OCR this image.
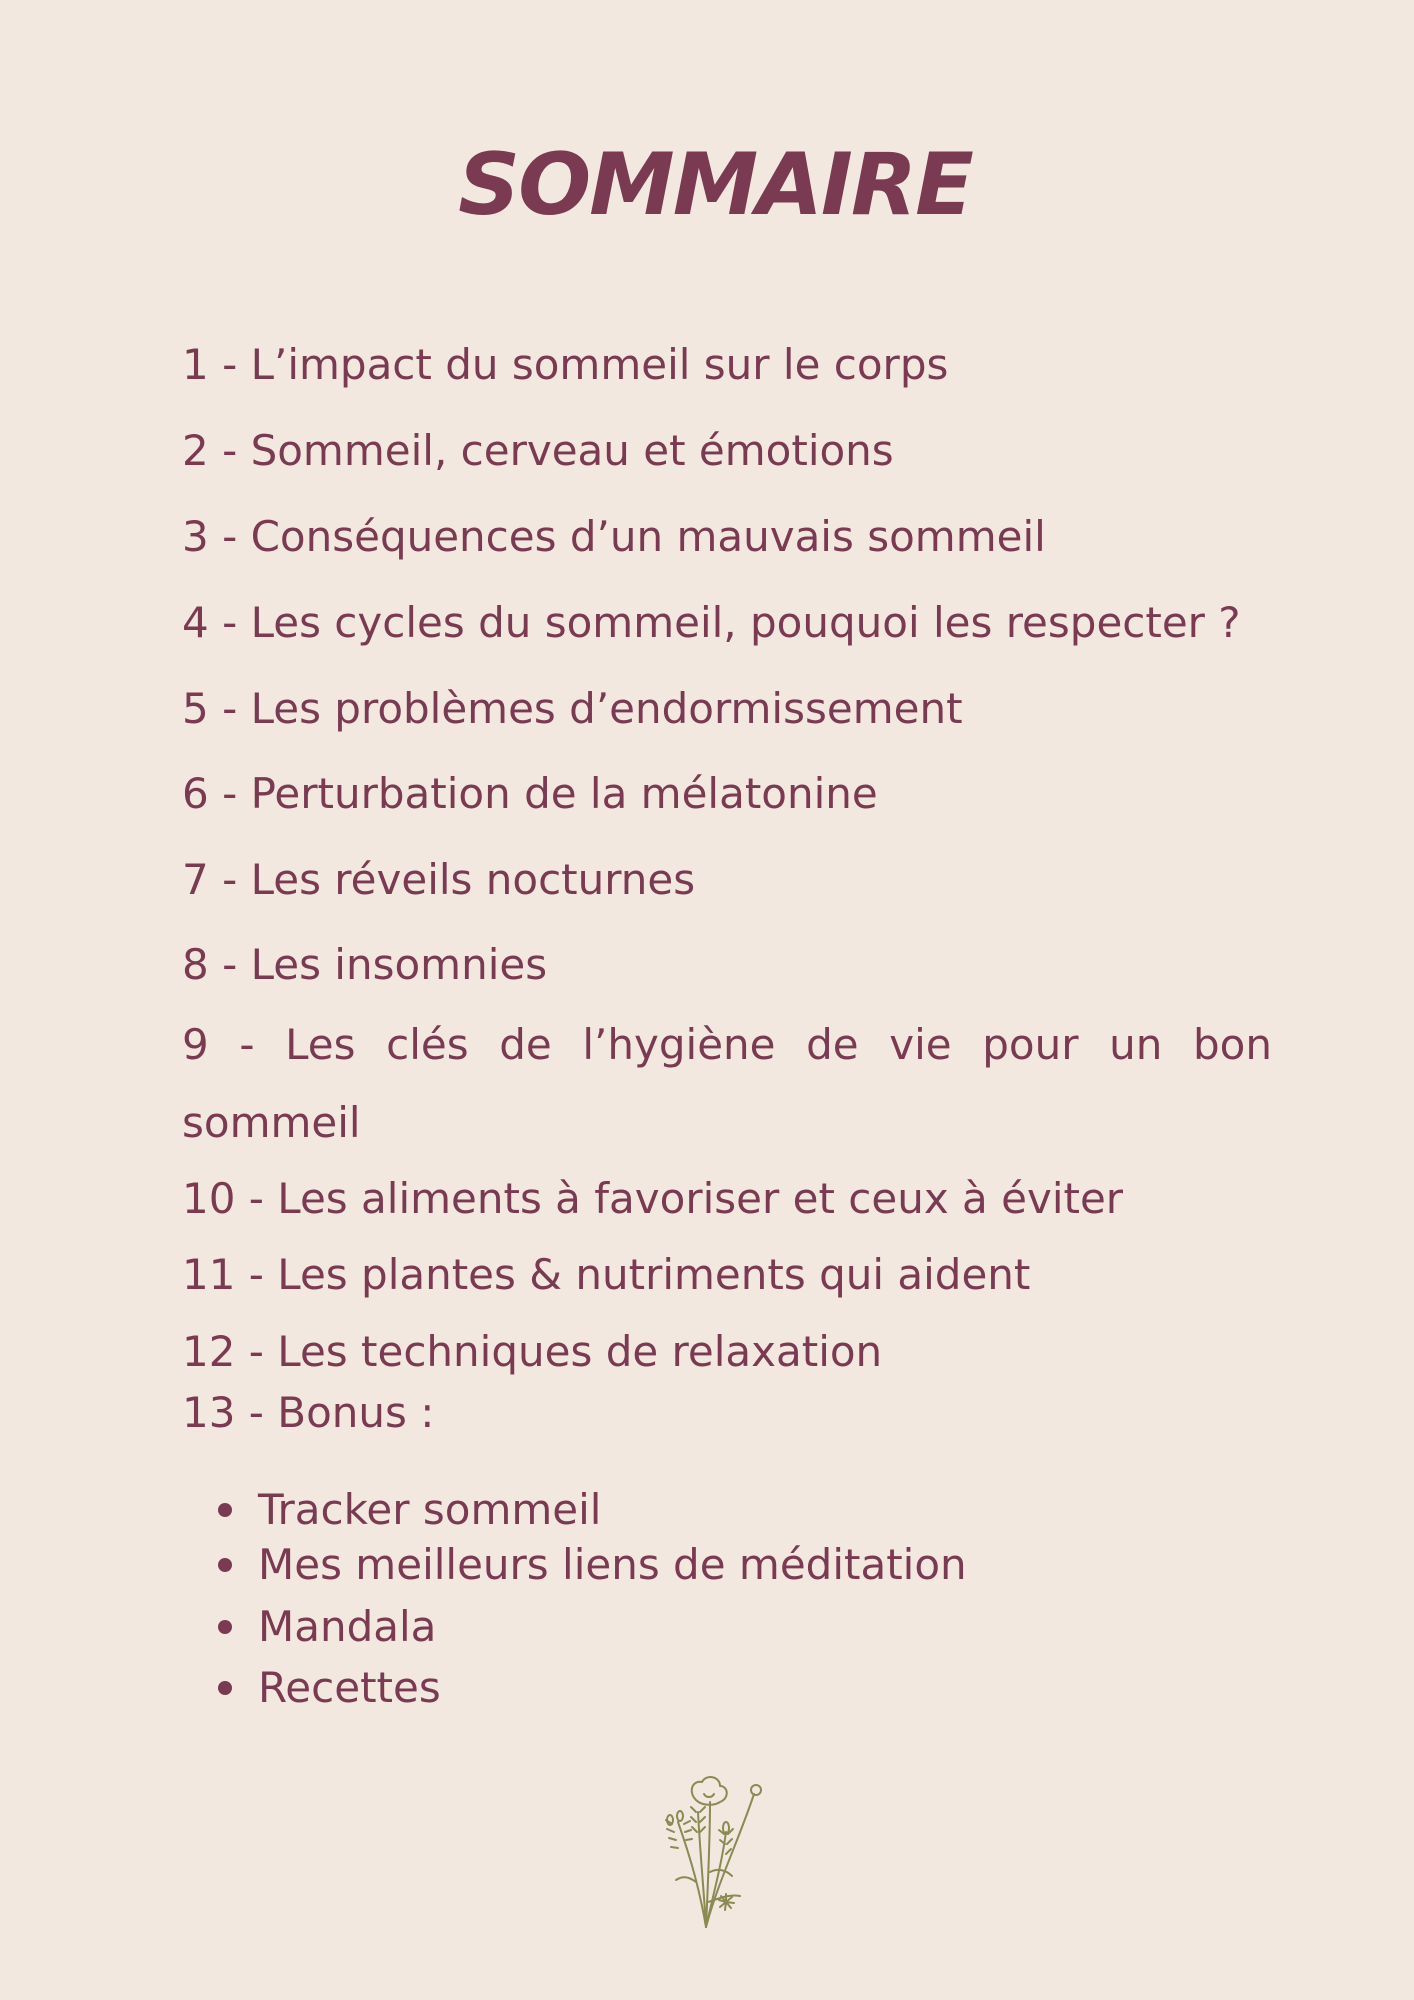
SOMMAIRE
1 - L’impact du sommeil sur le corps
2 - Sommeil, cerveau et émotions
3 - Conséquences d’un mauvais sommeil
4 - Les cycles du sommeil, pouquoi les respecter ?
5 - Les problèmes d’endormissement
6 - Perturbation de la mélatonine
7 - Les réveils nocturnes
8 - Les insomnies
9 - Les clés de l’hygiène de vie pour un bon sommeil
10 - Les aliments à favoriser et ceux à éviter
11 - Les plantes & nutriments qui aident
12 - Les techniques de relaxation
13 - Bonus :
Tracker sommeil
Mes meilleurs liens de méditation
Mandala
Recettes
